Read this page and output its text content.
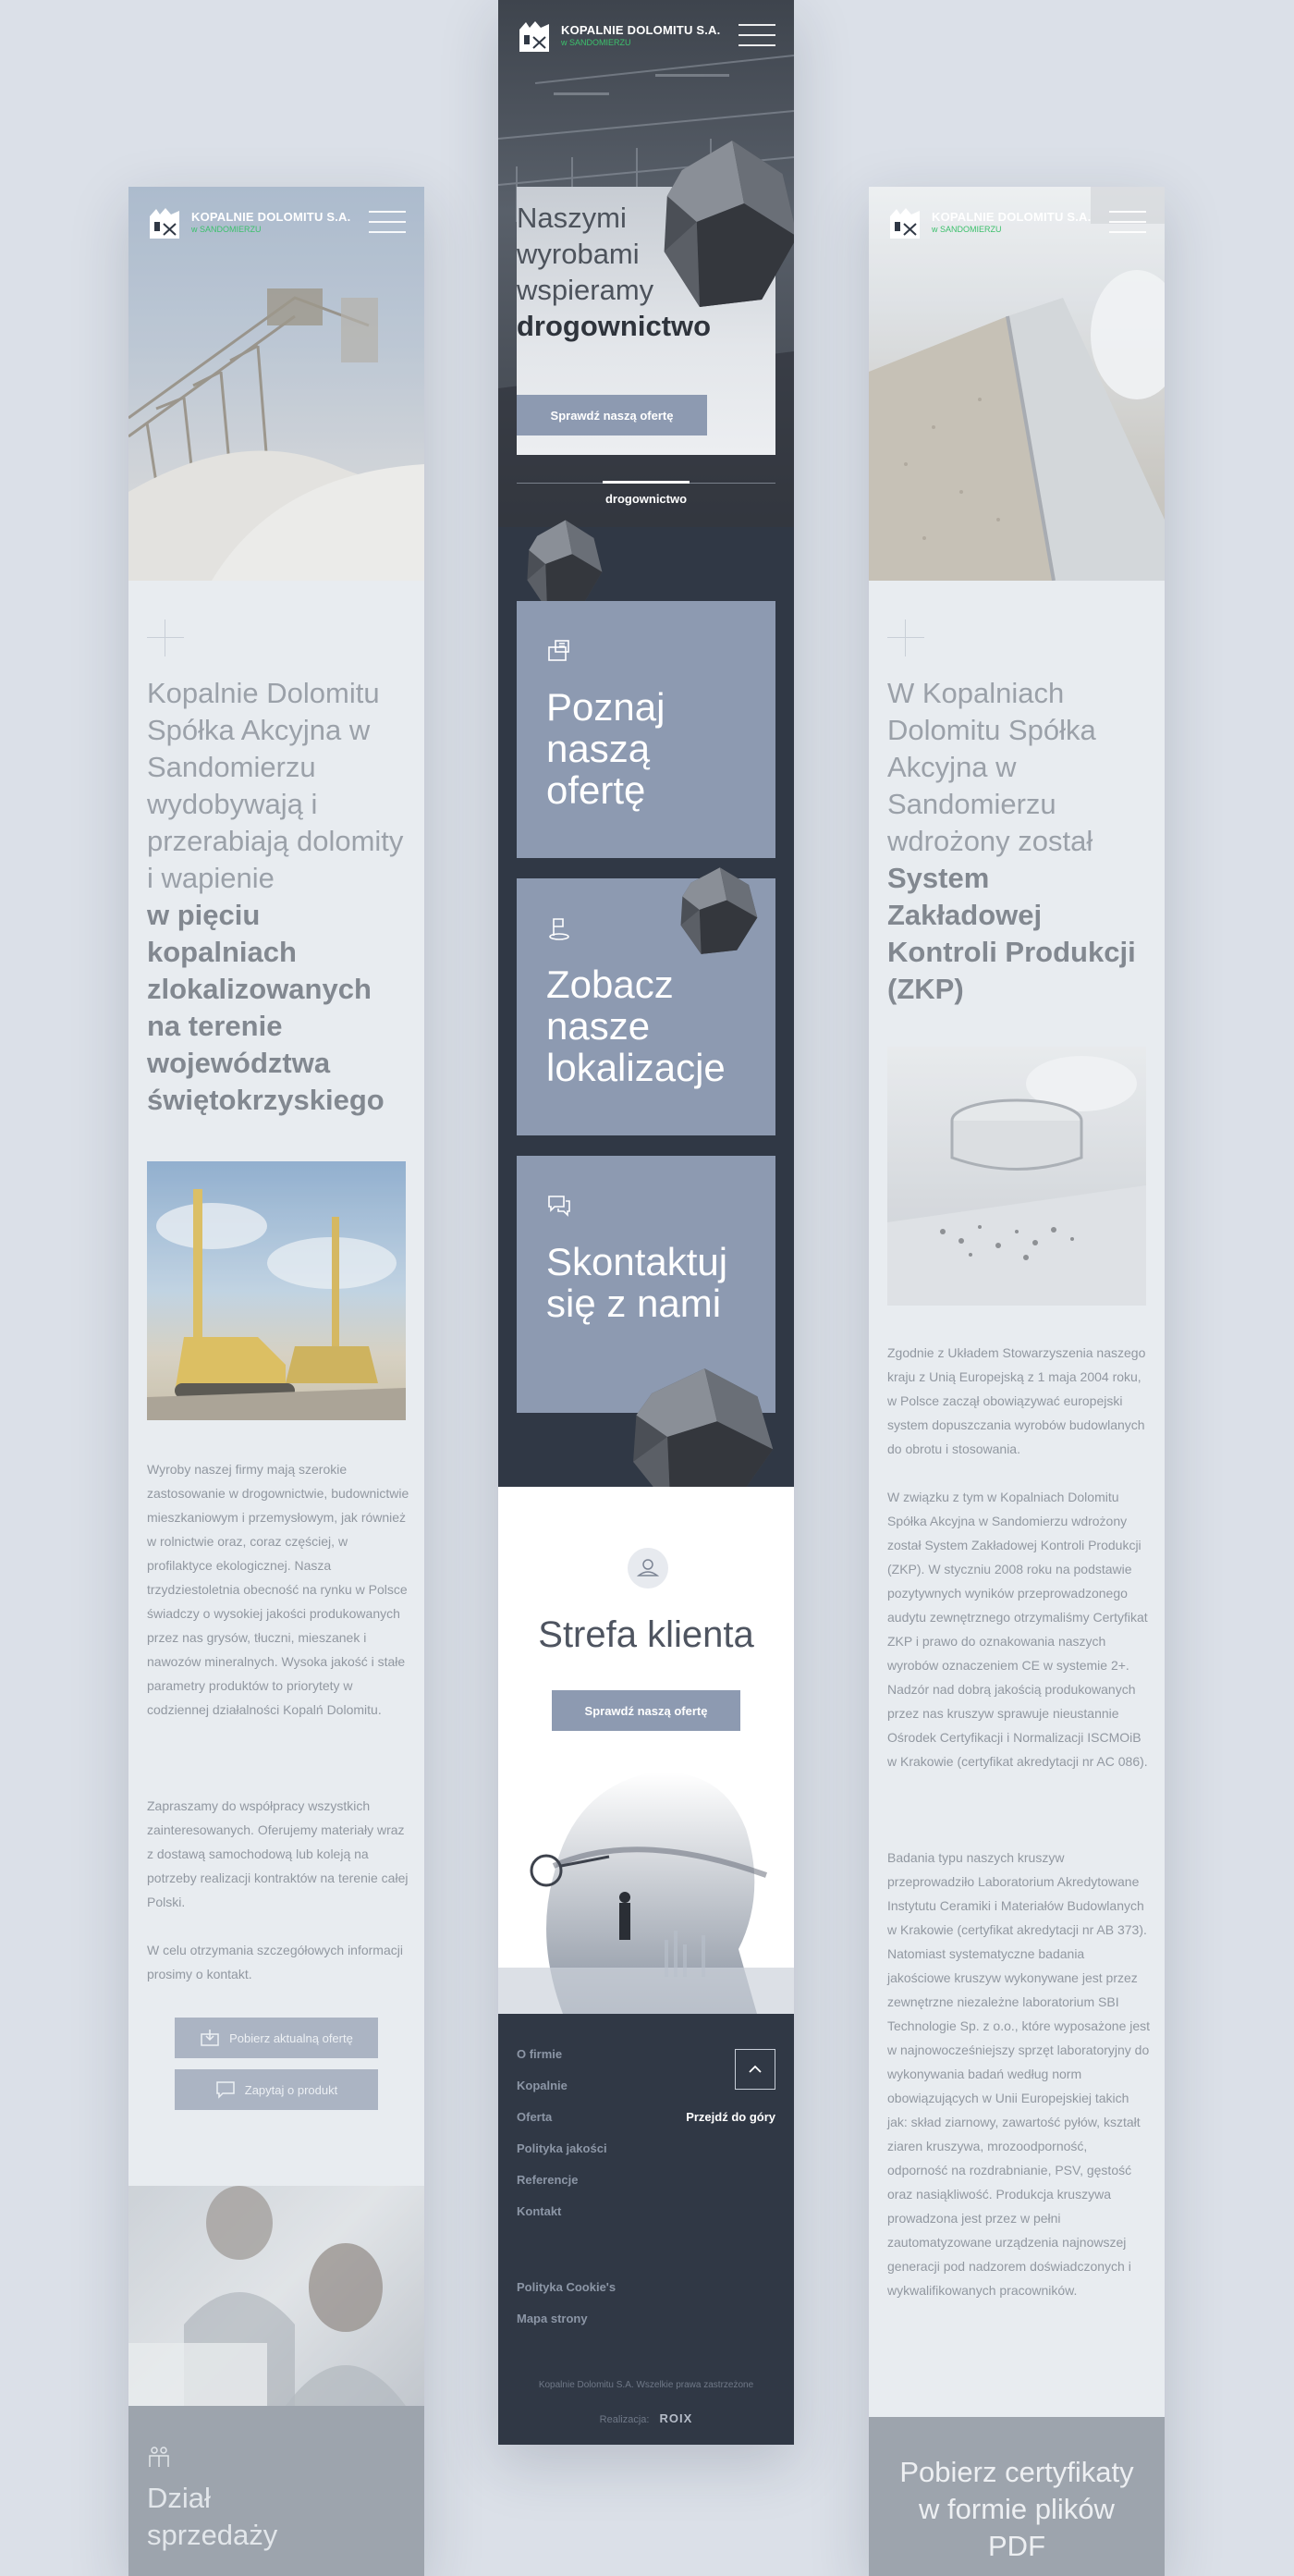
KOPALNIE DOLOMITU S.A.
w SANDOMIERZU
Kopalnie Dolomitu Spółka Akcyjna w Sandomierzu wydobywają i przerabiają dolomity i wapienie
w pięciu kopalniach zlokalizowanych na terenie województwa świętokrzyskiego
Wyroby naszej firmy mają szerokie zastosowanie w drogownictwie, budownictwie mieszkaniowym i przemysłowym, jak również w rolnictwie oraz, coraz częściej, w profilaktyce ekologicznej. Nasza trzydziestoletnia obecność na rynku w Polsce świadczy o wysokiej jakości produkowanych przez nas grysów, tłuczni, mieszanek i nawozów mineralnych. Wysoka jakość i stałe parametry produktów to priorytety w codziennej działalności Kopalń Dolomitu.
Zapraszamy do współpracy wszystkich zainteresowanych. Oferujemy materiały wraz z dostawą samochodową lub koleją na potrzeby realizacji kontraktów na terenie całej Polski.
W celu otrzymania szczegółowych informacji prosimy o kontakt.
Pobierz aktualną ofertę
Zapytaj o produkt
Dział sprzedaży
Naszymi wyrobami wspieramy
drogownictwo
Sprawdź naszą ofertę
drogownictwo
KOPALNIE DOLOMITU S.A.
w SANDOMIERZU
Poznaj naszą ofertę
Zobacz nasze lokalizacje
Skontaktuj się z nami
Strefa klienta
Sprawdź naszą ofertę
O firmie
Kopalnie
Oferta
Polityka jakości
Referencje
Kontakt
Polityka Cookie's
Mapa strony
Przejdź do góry
Kopalnie Dolomitu S.A. Wszelkie prawa zastrzeżone
Realizacja: ROIX
KOPALNIE DOLOMITU S.A.
w SANDOMIERZU
W Kopalniach Dolomitu Spółka Akcyjna w Sandomierzu wdrożony został
System Zakładowej Kontroli Produkcji (ZKP)
Zgodnie z Układem Stowarzyszenia naszego kraju z Unią Europejską z 1 maja 2004 roku, w Polsce zaczął obowiązywać europejski system dopuszczania wyrobów budowlanych do obrotu i stosowania.
W związku z tym w Kopalniach Dolomitu Spółka Akcyjna w Sandomierzu wdrożony został System Zakładowej Kontroli Produkcji (ZKP). W styczniu 2008 roku na podstawie pozytywnych wyników przeprowadzonego audytu zewnętrznego otrzymaliśmy Certyfikat ZKP i prawo do oznakowania naszych wyrobów oznaczeniem CE w systemie 2+. Nadzór nad dobrą jakością produkowanych przez nas kruszyw sprawuje nieustannie Ośrodek Certyfikacji i Normalizacji ISCMOiB w Krakowie (certyfikat akredytacji nr AC 086).
Badania typu naszych kruszyw przeprowadziło Laboratorium Akredytowane Instytutu Ceramiki i Materiałów Budowlanych w Krakowie (certyfikat akredytacji nr AB 373). Natomiast systematyczne badania jakościowe kruszyw wykonywane jest przez zewnętrzne niezależne laboratorium SBI Technologie Sp. z o.o., które wyposażone jest w najnowocześniejszy sprzęt laboratoryjny do wykonywania badań według norm obowiązujących w Unii Europejskiej takich jak: skład ziarnowy, zawartość pyłów, kształt ziaren kruszywa, mrozoodporność, odporność na rozdrabnianie, PSV, gęstość oraz nasiąkliwość. Produkcja kruszywa prowadzona jest przez w pełni zautomatyzowane urządzenia najnowszej generacji pod nadzorem doświadczonych i wykwalifikowanych pracowników.
Pobierz certyfikaty w formie plików PDF
